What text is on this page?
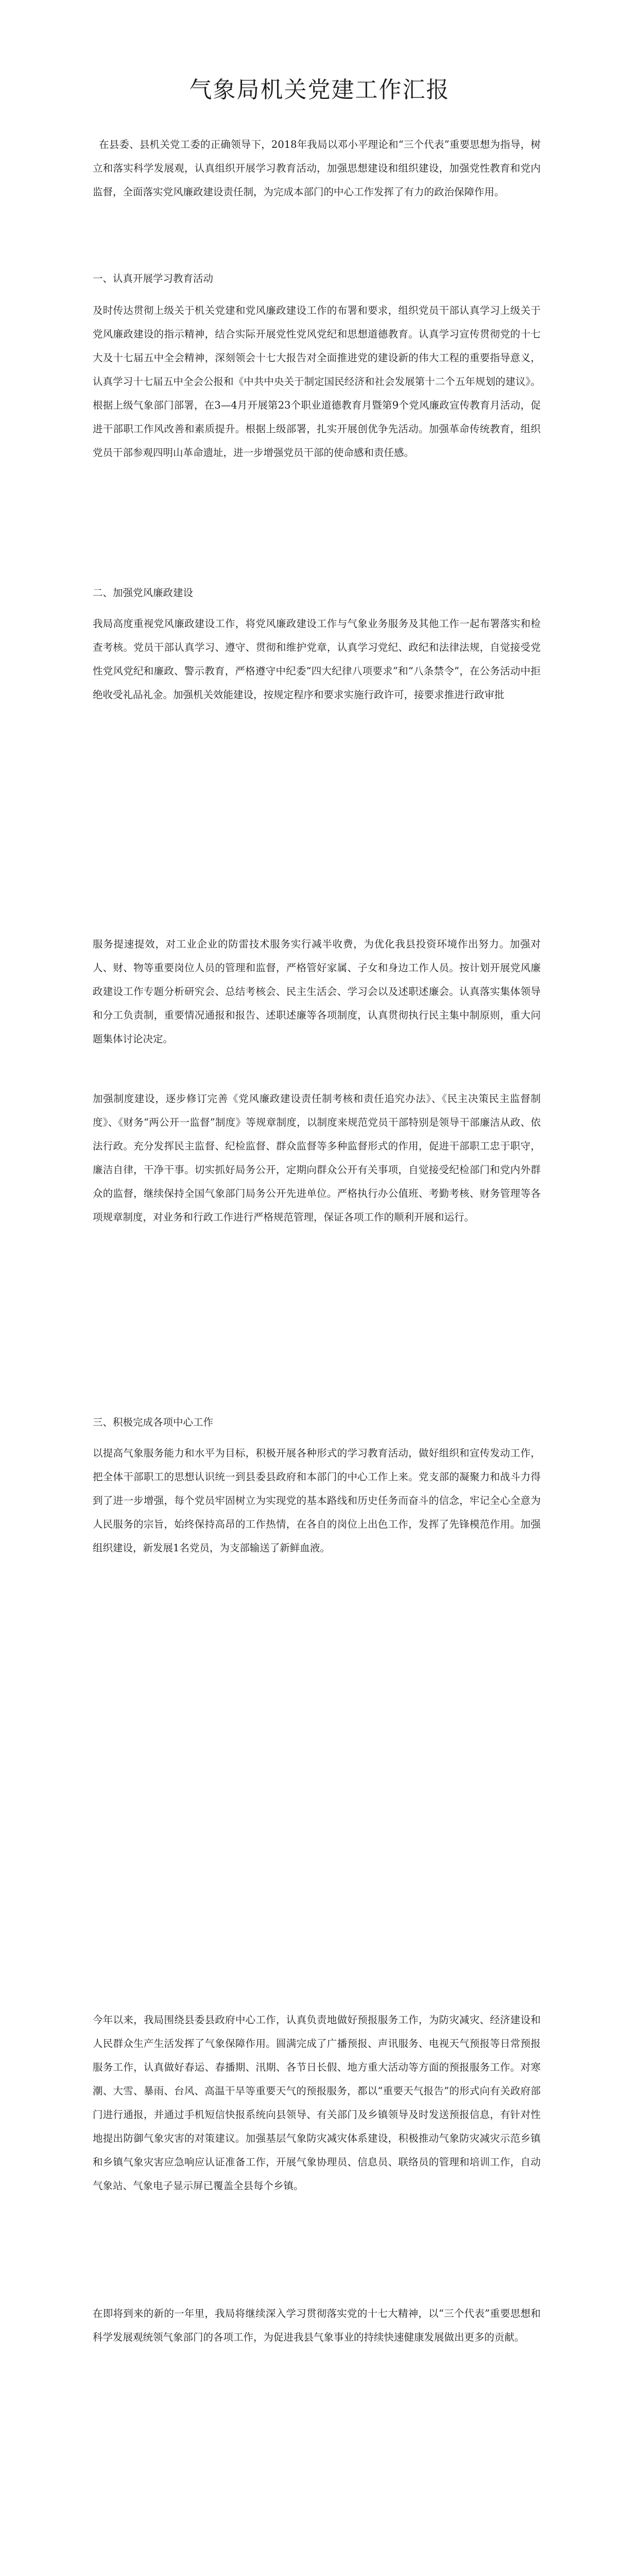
气象局机关党建工作汇报

在县委、县机关党工委的正确领导下，2018年我局以邓小平理论和“三个代表”重要思想为指导，树立和落实科学发展观，认真组织开展学习教育活动，加强思想建设和组织建设，加强党性教育和党内监督，全面落实党风廉政建设责任制，为完成本部门的中心工作发挥了有力的政治保障作用。

一、认真开展学习教育活动

及时传达贯彻上级关于机关党建和党风廉政建设工作的布署和要求，组织党员干部认真学习上级关于党风廉政建设的指示精神，结合实际开展党性党风党纪和思想道德教育。认真学习宣传贯彻党的十七大及十七届五中全会精神，深刻领会十七大报告对全面推进党的建设新的伟大工程的重要指导意义，认真学习十七届五中全会公报和《中共中央关于制定国民经济和社会发展第十二个五年规划的建议》。根据上级气象部门部署，在3—4月开展第23个职业道德教育月暨第9个党风廉政宣传教育月活动，促进干部职工作风改善和素质提升。根据上级部署，扎实开展创优争先活动。加强革命传统教育，组织党员干部参观四明山革命遗址，进一步增强党员干部的使命感和责任感。

二、加强党风廉政建设

我局高度重视党风廉政建设工作，将党风廉政建设工作与气象业务服务及其他工作一起布署落实和检查考核。党员干部认真学习、遵守、贯彻和维护党章，认真学习党纪、政纪和法律法规，自觉接受党性党风党纪和廉政、警示教育，严格遵守中纪委“四大纪律八项要求”和“八条禁令”，在公务活动中拒绝收受礼品礼金。加强机关效能建设，按规定程序和要求实施行政许可，接要求推进行政审批

服务提速提效，对工业企业的防雷技术服务实行减半收费，为优化我县投资环境作出努力。加强对人、财、物等重要岗位人员的管理和监督，严格管好家属、子女和身边工作人员。按计划开展党风廉政建设工作专题分析研究会、总结考核会、民主生活会、学习会以及述职述廉会。认真落实集体领导和分工负责制，重要情况通报和报告、述职述廉等各项制度，认真贯彻执行民主集中制原则，重大问题集体讨论决定。

加强制度建设，逐步修订完善《党风廉政建设责任制考核和责任追究办法》、《民主决策民主监督制度》、《财务“两公开一监督”制度》等规章制度，以制度来规范党员干部特别是领导干部廉洁从政、依法行政。充分发挥民主监督、纪检监督、群众监督等多种监督形式的作用，促进干部职工忠于职守，廉洁自律，干净干事。切实抓好局务公开，定期向群众公开有关事项，自觉接受纪检部门和党内外群众的监督，继续保持全国气象部门局务公开先进单位。严格执行办公值班、考勤考核、财务管理等各项规章制度，对业务和行政工作进行严格规范管理，保证各项工作的顺利开展和运行。

三、积极完成各项中心工作

以提高气象服务能力和水平为目标，积极开展各种形式的学习教育活动，做好组织和宣传发动工作，把全体干部职工的思想认识统一到县委县政府和本部门的中心工作上来。党支部的凝聚力和战斗力得到了进一步增强，每个党员牢固树立为实现党的基本路线和历史任务而奋斗的信念，牢记全心全意为人民服务的宗旨，始终保持高昂的工作热情，在各自的岗位上出色工作，发挥了先锋模范作用。加强组织建设，新发展1名党员，为支部输送了新鲜血液。

今年以来，我局围绕县委县政府中心工作，认真负责地做好预报服务工作，为防灾减灾、经济建设和人民群众生产生活发挥了气象保障作用。圆满完成了广播预报、声讯服务、电视天气预报等日常预报服务工作，认真做好春运、春播期、汛期、各节日长假、地方重大活动等方面的预报服务工作。对寒潮、大雪、暴雨、台风、高温干旱等重要天气的预报服务，都以“重要天气报告”的形式向有关政府部门进行通报，并通过手机短信快报系统向县领导、有关部门及乡镇领导及时发送预报信息，有针对性地提出防御气象灾害的对策建议。加强基层气象防灾减灾体系建设，积极推动气象防灾减灾示范乡镇和乡镇气象灾害应急响应认证准备工作，开展气象协理员、信息员、联络员的管理和培训工作，自动气象站、气象电子显示屏已覆盖全县每个乡镇。

在即将到来的新的一年里，我局将继续深入学习贯彻落实党的十七大精神，以“三个代表”重要思想和科学发展观统领气象部门的各项工作，为促进我县气象事业的持续快速健康发展做出更多的贡献。
